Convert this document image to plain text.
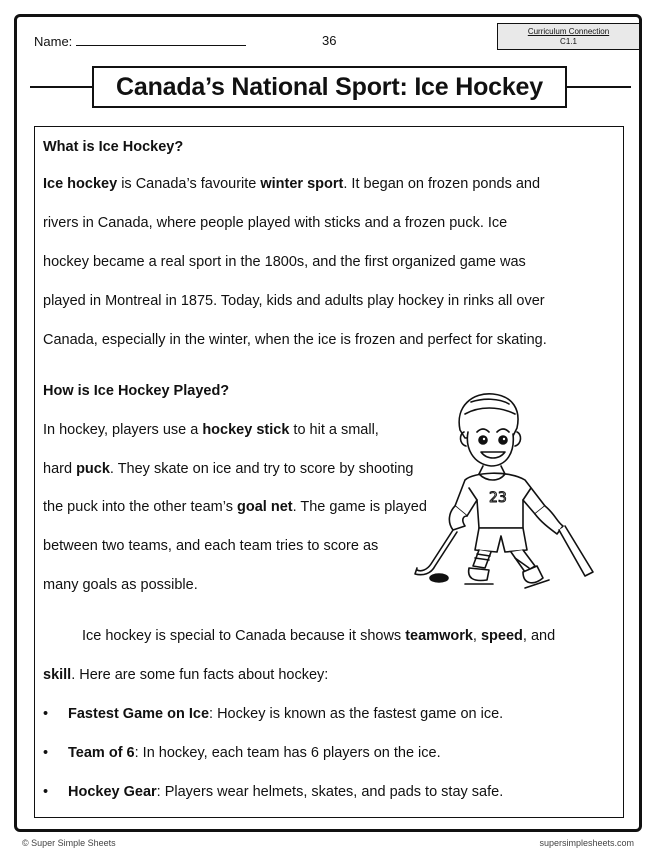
Name:	36
Curriculum Connection
C1.1
Canada’s National Sport: Ice Hockey
What is Ice Hockey?
Ice hockey is Canada’s favourite winter sport. It began on frozen ponds and
rivers in Canada, where people played with sticks and a frozen puck. Ice
hockey became a real sport in the 1800s, and the first organized game was
played in Montreal in 1875. Today, kids and adults play hockey in rinks all over
Canada, especially in the winter, when the ice is frozen and perfect for skating.
How is Ice Hockey Played?
In hockey, players use a hockey stick to hit a small,
hard puck. They skate on ice and try to score by shooting
the puck into the other team’s goal net. The game is played
between two teams, and each team tries to score as
many goals as possible.
23
Ice hockey is special to Canada because it shows teamwork, speed, and
skill. Here are some fun facts about hockey:
• Fastest Game on Ice: Hockey is known as the fastest game on ice.
• Team of 6: In hockey, each team has 6 players on the ice.
• Hockey Gear: Players wear helmets, skates, and pads to stay safe.
© Super Simple Sheets	supersimplesheets.com
